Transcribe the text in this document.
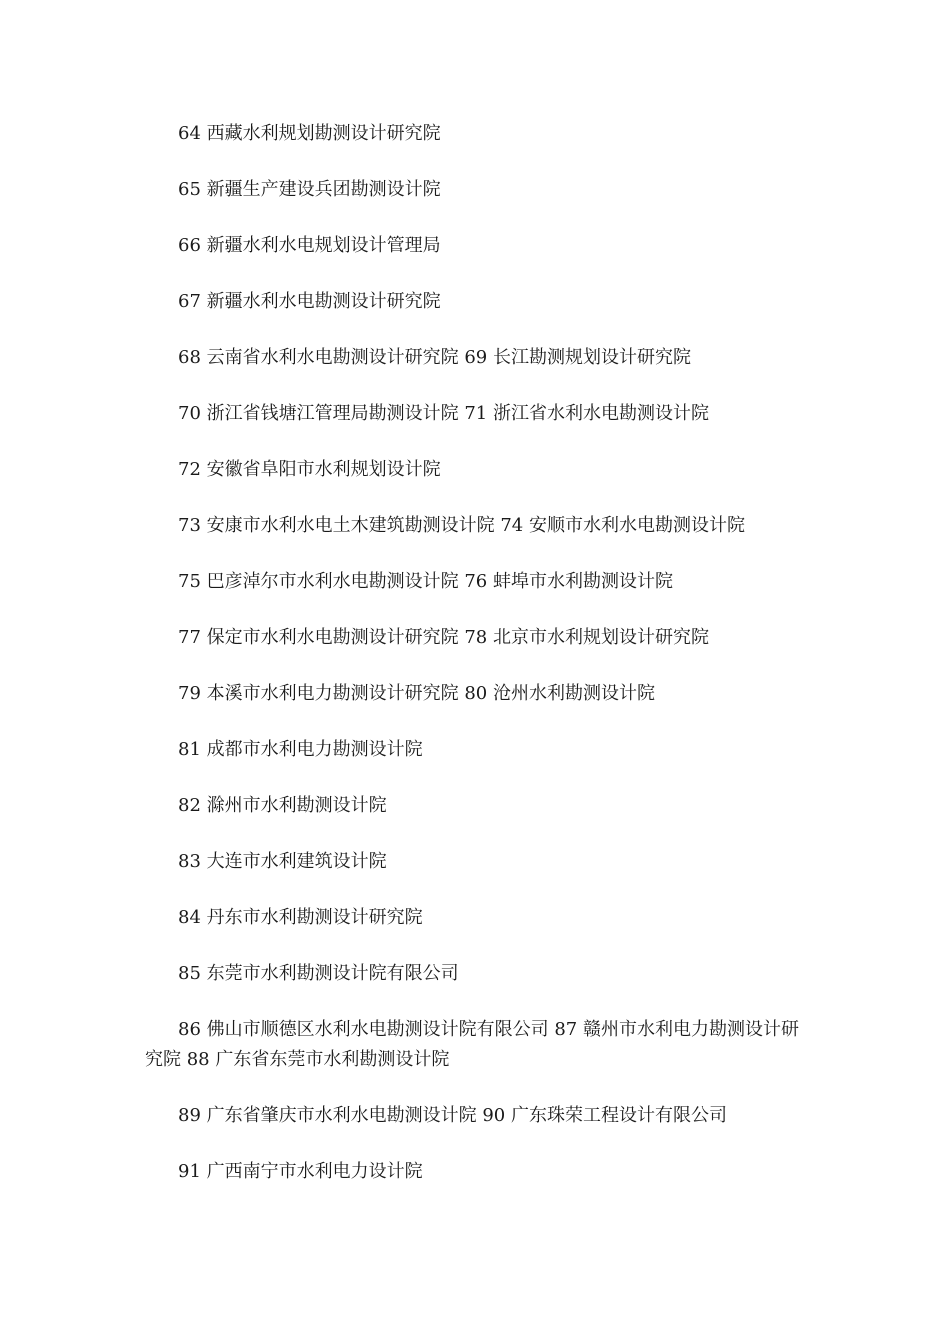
64 西藏水利规划勘测设计研究院

65 新疆生产建设兵团勘测设计院

66 新疆水利水电规划设计管理局

67 新疆水利水电勘测设计研究院

68 云南省水利水电勘测设计研究院 69 长江勘测规划设计研究院

70 浙江省钱塘江管理局勘测设计院 71 浙江省水利水电勘测设计院

72 安徽省阜阳市水利规划设计院

73 安康市水利水电土木建筑勘测设计院 74 安顺市水利水电勘测设计院

75 巴彦淖尔市水利水电勘测设计院 76 蚌埠市水利勘测设计院

77 保定市水利水电勘测设计研究院 78 北京市水利规划设计研究院

79 本溪市水利电力勘测设计研究院 80 沧州水利勘测设计院

81 成都市水利电力勘测设计院

82 滁州市水利勘测设计院

83 大连市水利建筑设计院

84 丹东市水利勘测设计研究院

85 东莞市水利勘测设计院有限公司

86 佛山市顺德区水利水电勘测设计院有限公司 87 赣州市水利电力勘测设计研究院 88 广东省东莞市水利勘测设计院

89 广东省肇庆市水利水电勘测设计院 90 广东珠荣工程设计有限公司

91 广西南宁市水利电力设计院
